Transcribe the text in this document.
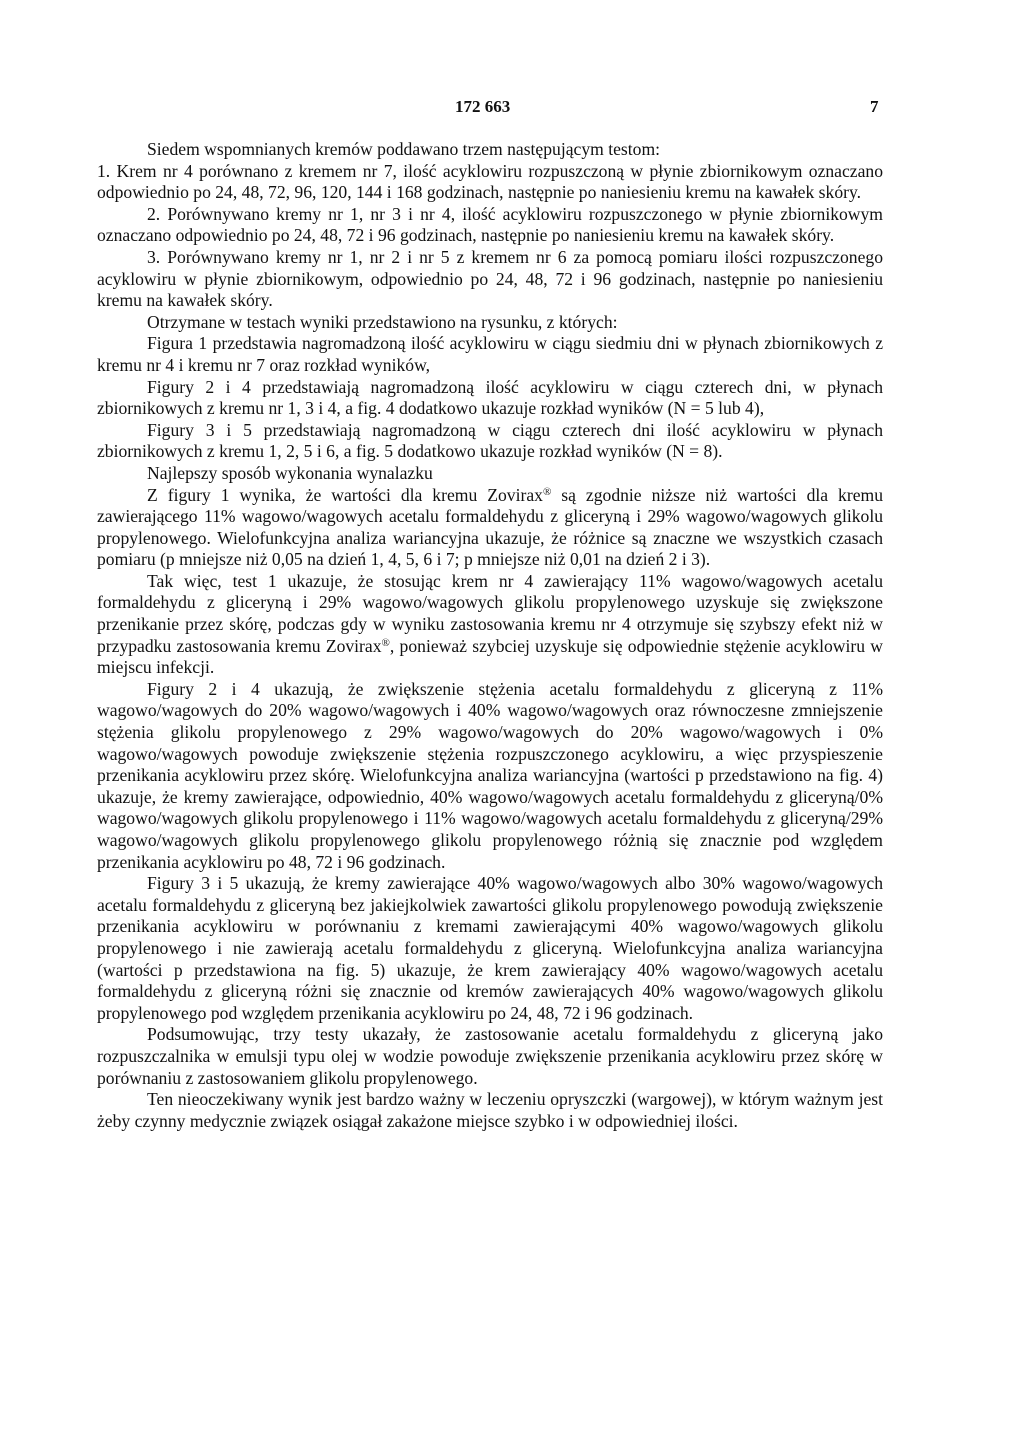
172 663	7

Siedem wspomnianych kremów poddawano trzem następującym testom:

1. Krem nr 4 porównano z kremem nr 7, ilość acyklowiru rozpuszczoną w płynie zbiornikowym oznaczano odpowiednio po 24, 48, 72, 96, 120, 144 i 168 godzinach, następnie po naniesieniu kremu na kawałek skóry.

2. Porównywano kremy nr 1, nr 3 i nr 4, ilość acyklowiru rozpuszczonego w płynie zbiornikowym oznaczano odpowiednio po 24, 48, 72 i 96 godzinach, następnie po naniesieniu kremu na kawałek skóry.

3. Porównywano kremy nr 1, nr 2 i nr 5 z kremem nr 6 za pomocą pomiaru ilości rozpuszczonego acyklowiru w płynie zbiornikowym, odpowiednio po 24, 48, 72 i 96 godzinach, następnie po naniesieniu kremu na kawałek skóry.

Otrzymane w testach wyniki przedstawiono na rysunku, z których:

Figura 1 przedstawia nagromadzoną ilość acyklowiru w ciągu siedmiu dni w płynach zbiornikowych z kremu nr 4 i kremu nr 7 oraz rozkład wyników,

Figury 2 i 4 przedstawiają nagromadzoną ilość acyklowiru w ciągu czterech dni, w płynach zbiornikowych z kremu nr 1, 3 i 4, a fig. 4 dodatkowo ukazuje rozkład wyników (N = 5 lub 4),

Figury 3 i 5 przedstawiają nagromadzoną w ciągu czterech dni ilość acyklowiru w płynach zbiornikowych z kremu 1, 2, 5 i 6, a fig. 5 dodatkowo ukazuje rozkład wyników (N = 8).

Najlepszy sposób wykonania wynalazku

Z figury 1 wynika, że wartości dla kremu Zovirax® są zgodnie niższe niż wartości dla kremu zawierającego 11% wagowo/wagowych acetalu formaldehydu z gliceryną i 29% wagowo/wagowych glikolu propylenowego. Wielofunkcyjna analiza wariancyjna ukazuje, że różnice są znaczne we wszystkich czasach pomiaru (p mniejsze niż 0,05 na dzień 1, 4, 5, 6 i 7; p mniejsze niż 0,01 na dzień 2 i 3).

Tak więc, test 1 ukazuje, że stosując krem nr 4 zawierający 11% wagowo/wagowych acetalu formaldehydu z gliceryną i 29% wagowo/wagowych glikolu propylenowego uzyskuje się zwiększone przenikanie przez skórę, podczas gdy w wyniku zastosowania kremu nr 4 otrzymuje się szybszy efekt niż w przypadku zastosowania kremu Zovirax®, ponieważ szybciej uzyskuje się odpowiednie stężenie acyklowiru w miejscu infekcji.

Figury 2 i 4 ukazują, że zwiększenie stężenia acetalu formaldehydu z gliceryną z 11% wagowo/wagowych do 20% wagowo/wagowych i 40% wagowo/wagowych oraz równoczesne zmniejszenie stężenia glikolu propylenowego z 29% wagowo/wagowych do 20% wagowo/wagowych i 0% wagowo/wagowych powoduje zwiększenie stężenia rozpuszczonego acyklowiru, a więc przyspieszenie przenikania acyklowiru przez skórę. Wielofunkcyjna analiza wariancyjna (wartości p przedstawiono na fig. 4) ukazuje, że kremy zawierające, odpowiednio, 40% wagowo/wagowych acetalu formaldehydu z gliceryną/0% wagowo/wagowych glikolu propylenowego i 11% wagowo/wagowych acetalu formaldehydu z gliceryną/29% wagowo/wagowych glikolu propylenowego glikolu propylenowego różnią się znacznie pod względem przenikania acyklowiru po 48, 72 i 96 godzinach.

Figury 3 i 5 ukazują, że kremy zawierające 40% wagowo/wagowych albo 30% wagowo/wagowych acetalu formaldehydu z gliceryną bez jakiejkolwiek zawartości glikolu propylenowego powodują zwiększenie przenikania acyklowiru w porównaniu z kremami zawierającymi 40% wagowo/wagowych glikolu propylenowego i nie zawierają acetalu formaldehydu z gliceryną. Wielofunkcyjna analiza wariancyjna (wartości p przedstawiona na fig. 5) ukazuje, że krem zawierający 40% wagowo/wagowych acetalu formaldehydu z gliceryną różni się znacznie od kremów zawierających 40% wagowo/wagowych glikolu propylenowego pod względem przenikania acyklowiru po 24, 48, 72 i 96 godzinach.

Podsumowując, trzy testy ukazały, że zastosowanie acetalu formaldehydu z gliceryną jako rozpuszczalnika w emulsji typu olej w wodzie powoduje zwiększenie przenikania acyklowiru przez skórę w porównaniu z zastosowaniem glikolu propylenowego.

Ten nieoczekiwany wynik jest bardzo ważny w leczeniu opryszczki (wargowej), w którym ważnym jest żeby czynny medycznie związek osiągał zakażone miejsce szybko i w odpowiedniej ilości.
